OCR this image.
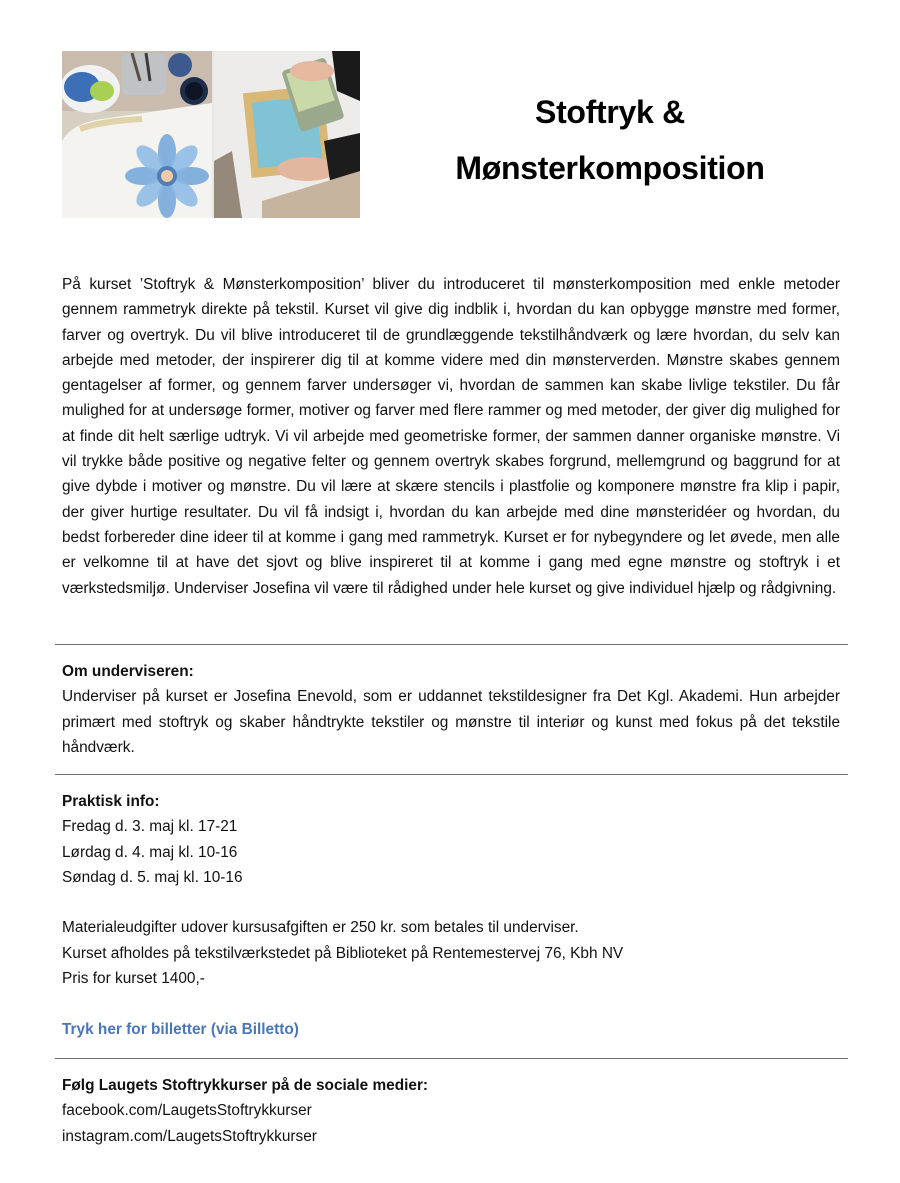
Stoftryk &
Mønsterkomposition

På kurset ’Stoftryk & Mønsterkomposition’ bliver du introduceret til mønsterkomposition med enkle metoder gennem rammetryk direkte på tekstil. Kurset vil give dig indblik i, hvordan du kan opbygge mønstre med former, farver og overtryk. Du vil blive introduceret til de grundlæggende tekstilhåndværk og lære hvordan, du selv kan arbejde med metoder, der inspirerer dig til at komme videre med din mønsterverden. Mønstre skabes gennem gentagelser af former, og gennem farver undersøger vi, hvordan de sammen kan skabe livlige tekstiler. Du får mulighed for at undersøge former, motiver og farver med flere rammer og med metoder, der giver dig mulighed for at finde dit helt særlige udtryk. Vi vil arbejde med geometriske former, der sammen danner organiske mønstre. Vi vil trykke både positive og negative felter og gennem overtryk skabes forgrund, mellemgrund og baggrund for at give dybde i motiver og mønstre. Du vil lære at skære stencils i plastfolie og komponere mønstre fra klip i papir, der giver hurtige resultater. Du vil få indsigt i, hvordan du kan arbejde med dine mønsteridéer og hvordan, du bedst forbereder dine ideer til at komme i gang med rammetryk. Kurset er for nybegyndere og let øvede, men alle er velkomne til at have det sjovt og blive inspireret til at komme i gang med egne mønstre og stoftryk i et værkstedsmiljø. Underviser Josefina vil være til rådighed under hele kurset og give individuel hjælp og rådgivning.

Om underviseren:

Underviser på kurset er Josefina Enevold, som er uddannet tekstildesigner fra Det Kgl. Akademi. Hun arbejder primært med stoftryk og skaber håndtrykte tekstiler og mønstre til interiør og kunst med fokus på det tekstile håndværk.

Praktisk info:

Fredag d. 3. maj kl. 17-21

Lørdag d. 4. maj kl. 10-16

Søndag d. 5. maj kl. 10-16

Materialeudgifter udover kursusafgiften er 250 kr. som betales til underviser.

Kurset afholdes på tekstilværkstedet på Biblioteket på Rentemestervej 76, Kbh NV

Pris for kurset 1400,-

Tryk her for billetter (via Billetto)

Følg Laugets Stoftrykkurser på de sociale medier:

facebook.com/LaugetsStoftrykkurser

instagram.com/LaugetsStoftrykkurser
